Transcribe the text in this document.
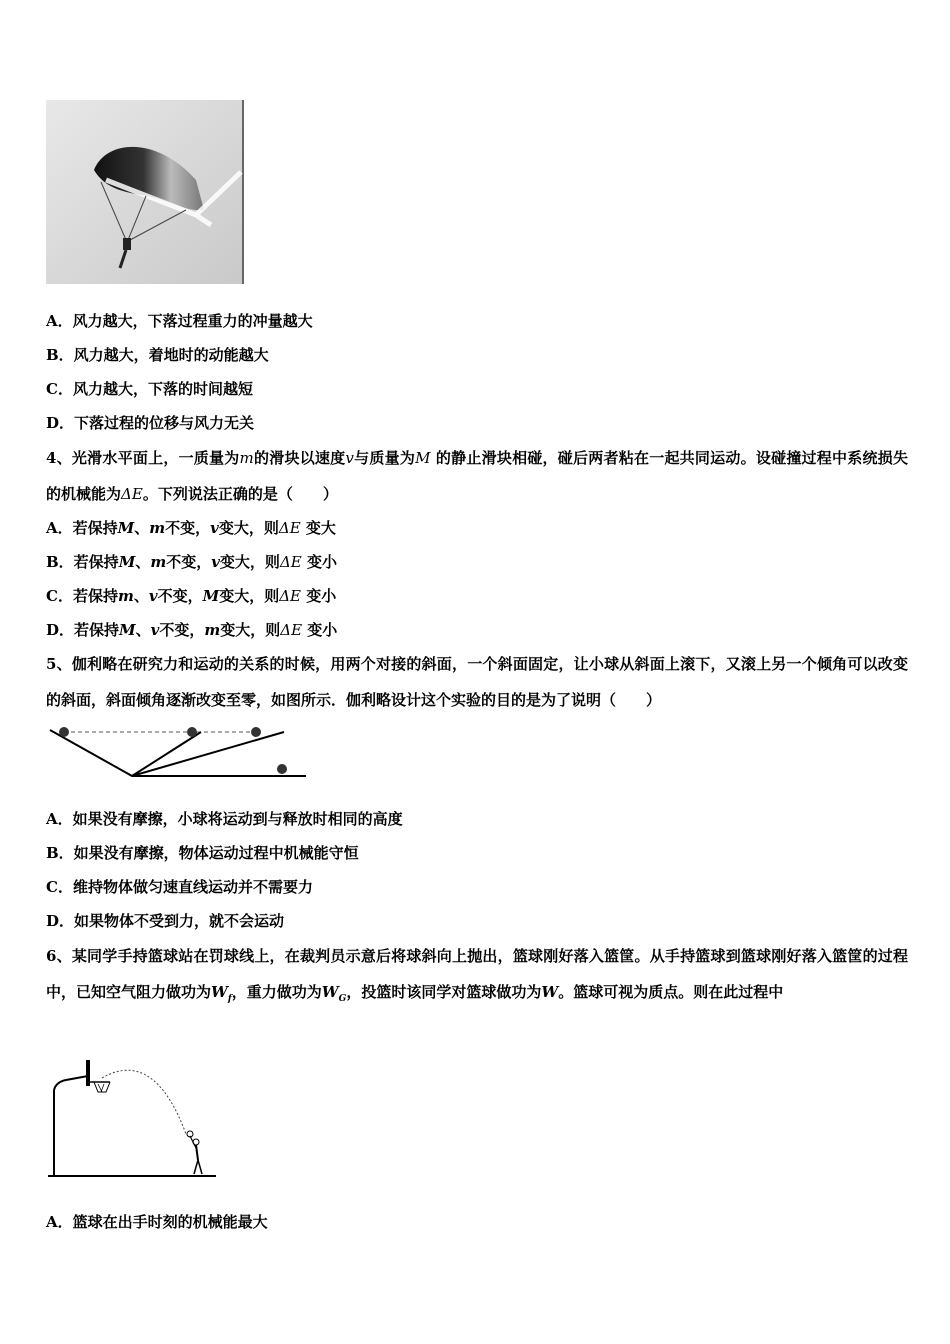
A．风力越大，下落过程重力的冲量越大
B．风力越大，着地时的动能越大
C．风力越大，下落的时间越短
D．下落过程的位移与风力无关
4、光滑水平面上，一质量为m的滑块以速度v与质量为M 的静止滑块相碰，碰后两者粘在一起共同运动。设碰撞过程中系统损失的机械能为ΔE。下列说法正确的是（　　）
A．若保持M、m不变，v变大，则ΔE 变大
B．若保持M、m不变，v变大，则ΔE 变小
C．若保持m、v不变，M变大，则ΔE 变小
D．若保持M、v不变，m变大，则ΔE 变小
5、伽利略在研究力和运动的关系的时候，用两个对接的斜面，一个斜面固定，让小球从斜面上滚下，又滚上另一个倾角可以改变的斜面，斜面倾角逐渐改变至零，如图所示．伽利略设计这个实验的目的是为了说明（　　）
A．如果没有摩擦，小球将运动到与释放时相同的高度
B．如果没有摩擦，物体运动过程中机械能守恒
C．维持物体做匀速直线运动并不需要力
D．如果物体不受到力，就不会运动
6、某同学手持篮球站在罚球线上，在裁判员示意后将球斜向上抛出，篮球刚好落入篮筐。从手持篮球到篮球刚好落入篮筐的过程中，已知空气阻力做功为$W_f$，重力做功为$W_G$，投篮时该同学对篮球做功为W。篮球可视为质点。则在此过程中
A．篮球在出手时刻的机械能最大
